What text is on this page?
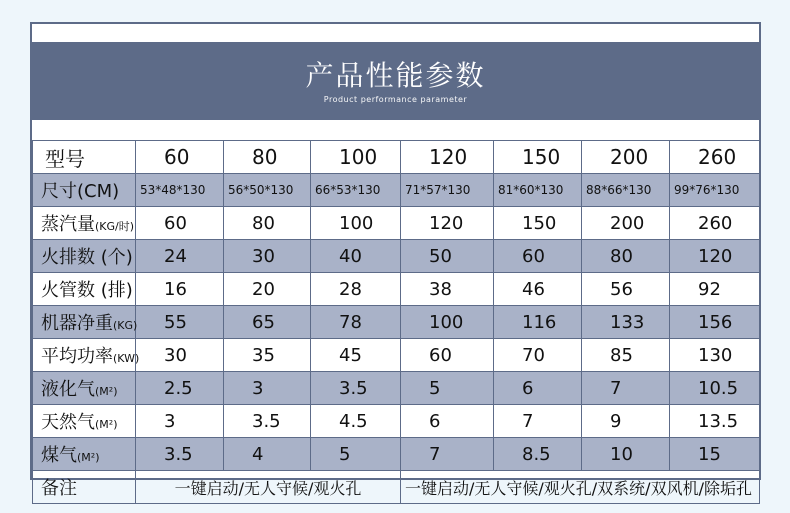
产品性能参数
Product performance parameter
型号	60	80	100	120	150	200	260
尺寸(CM)	53*48*130	56*50*130	66*53*130	71*57*130	81*60*130	88*66*130	99*76*130
蒸汽量(KG/时)	60	80	100	120	150	200	260
火排数 (个)	24	30	40	50	60	80	120
火管数 (排)	16	20	28	38	46	56	92
机器净重(KG)	55	65	78	100	116	133	156
平均功率(KW)	30	35	45	60	70	85	130
液化气(M²)	2.5	3	3.5	5	6	7	10.5
天然气(M²)	3	3.5	4.5	6	7	9	13.5
煤气(M²)	3.5	4	5	7	8.5	10	15
备注	一键启动/无人守候/观火孔			一键启动/无人守候/观火孔/双系统/双风机/除垢孔			
